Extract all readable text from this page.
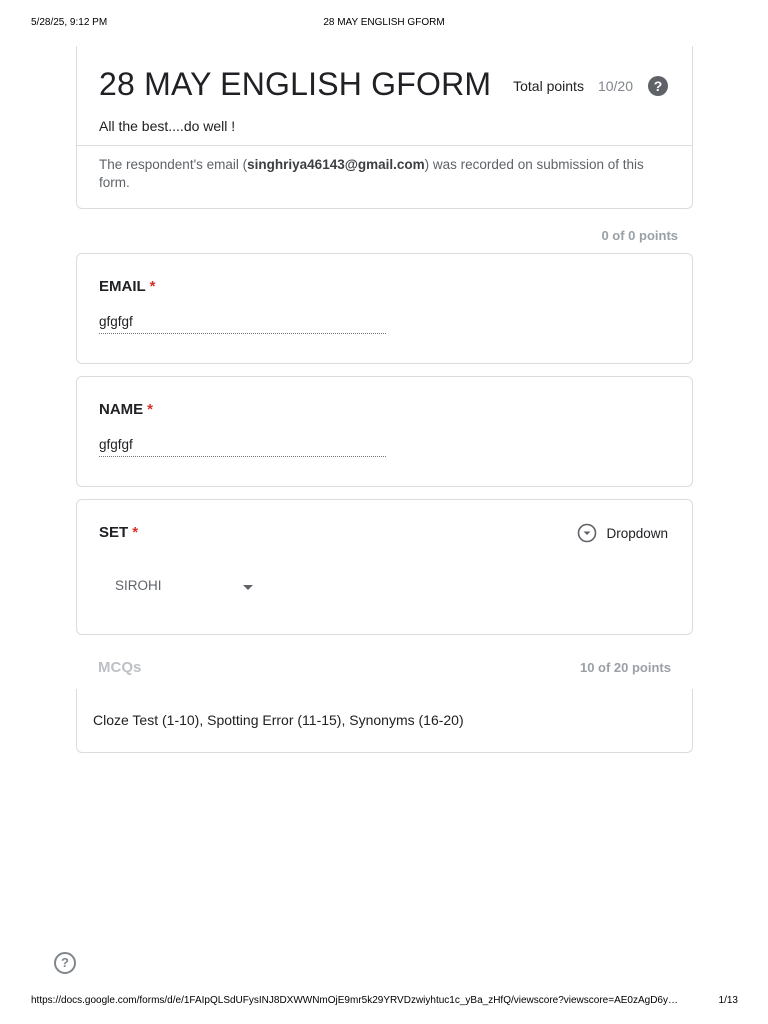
5/28/25, 9:12 PM	28 MAY ENGLISH GFORM
28 MAY ENGLISH GFORM Total points 10/20	?
All the best....do well !
The respondent's email (singhriya46143@gmail.com) was recorded on submission of this form.
0 of 0 points
EMAIL *
gfgfgf
NAME *
gfgfgf
SET *	Dropdown
SIROHI
MCQs	10 of 20 points
Cloze Test (1-10), Spotting Error (11-15), Synonyms (16-20)
?
https://docs.google.com/forms/d/e/1FAIpQLSdUFysINJ8DXWWNmOjE9mr5k29YRVDzwiyhtuc1c_yBa_zHfQ/viewscore?viewscore=AE0zAgD6y…	1/13
